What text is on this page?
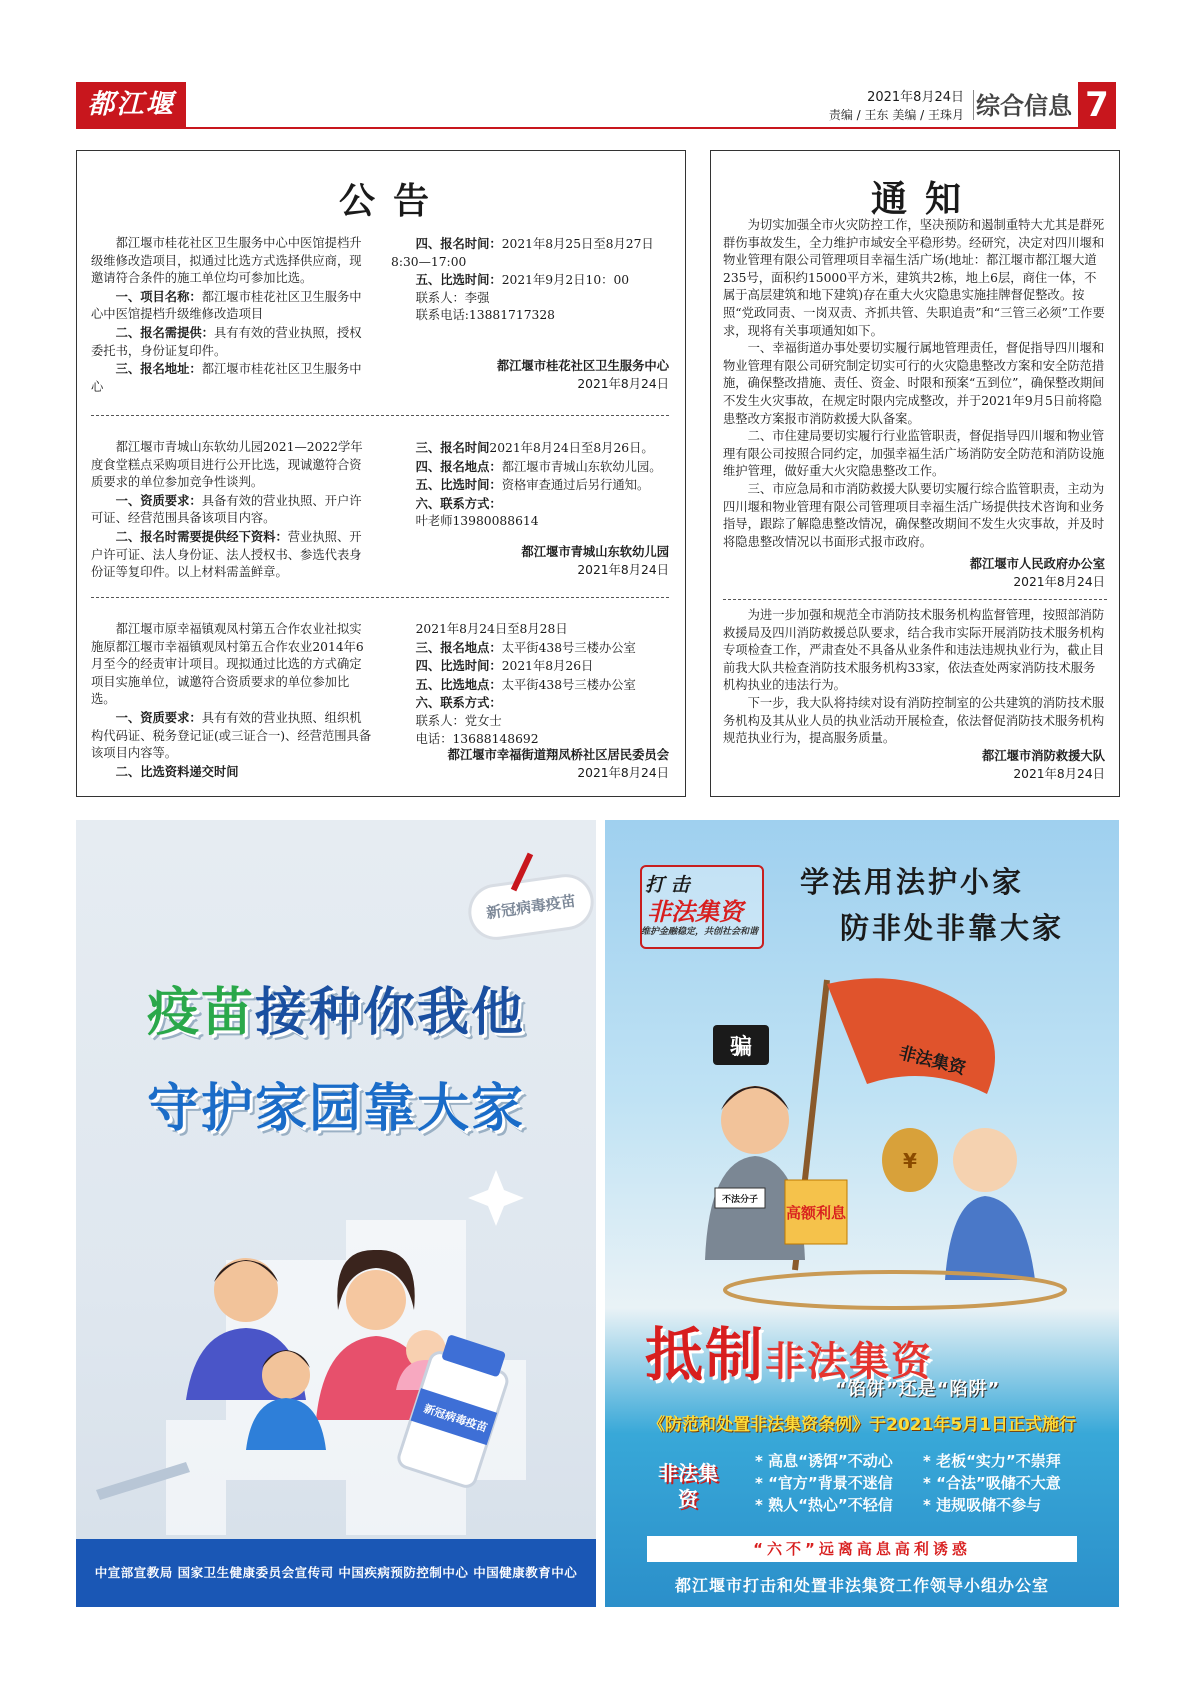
都江堰報
2021年8月24日
责编 / 王东 美编 / 王珠月 综合信息 7
公告
都江堰市桂花社区卫生服务中心中医馆提档升级维修改造项目，拟通过比选方式选择供应商，现邀请符合条件的施工单位均可参加比选。
一、项目名称：都江堰市桂花社区卫生服务中心中医馆提档升级维修改造项目
二、报名需提供：具有有效的营业执照，授权委托书，身份证复印件。
三、报名地址：都江堰市桂花社区卫生服务中心
四、报名时间：2021年8月25日至8月27日8:30—17:00
五、比选时间：2021年9月2日10：00
联系人：李强
联系电话:13881717328
都江堰市桂花社区卫生服务中心
2021年8月24日
都江堰市青城山东软幼儿园2021—2022学年度食堂糕点采购项目进行公开比选，现诚邀符合资质要求的单位参加竞争性谈判。
一、资质要求：具备有效的营业执照、开户许可证、经营范围具备该项目内容。
二、报名时需要提供经下资料：营业执照、开户许可证、法人身份证、法人授权书、参选代表身份证等复印件。以上材料需盖鲜章。
三、报名时间2021年8月24日至8月26日。
四、报名地点：都江堰市青城山东软幼儿园。
五、比选时间：资格审查通过后另行通知。
六、联系方式：
叶老师13980088614
都江堰市青城山东软幼儿园
2021年8月24日
都江堰市原幸福镇观凤村第五合作农业社拟实施原都江堰市幸福镇观凤村第五合作农业2014年6月至今的经责审计项目。现拟通过比选的方式确定项目实施单位，诚邀符合资质要求的单位参加比选。
一、资质要求：具有有效的营业执照、组织机构代码证、税务登记证(或三证合一)、经营范围具备该项目内容等。
二、比选资料递交时间
2021年8月24日至8月28日
三、报名地点：太平街438号三楼办公室
四、比选时间：2021年8月26日
五、比选地点：太平街438号三楼办公室
六、联系方式：
联系人：党女士
电话：13688148692
都江堰市幸福街道翔凤桥社区居民委员会
2021年8月24日
通知
为切实加强全市火灾防控工作，坚决预防和遏制重特大尤其是群死群伤事故发生，全力维护市域安全平稳形势。经研究，决定对四川堰和物业管理有限公司管理项目幸福生活广场(地址：都江堰市都江堰大道235号，面积约15000平方米，建筑共2栋，地上6层，商住一体，不属于高层建筑和地下建筑)存在重大火灾隐患实施挂牌督促整改。按照“党政同责、一岗双责、齐抓共管、失职追责”和“三管三必须”工作要求，现将有关事项通知如下。
一、幸福街道办事处要切实履行属地管理责任，督促指导四川堰和物业管理有限公司研究制定切实可行的火灾隐患整改方案和安全防范措施，确保整改措施、责任、资金、时限和预案“五到位”，确保整改期间不发生火灾事故，在规定时限内完成整改，并于2021年9月5日前将隐患整改方案报市消防救援大队备案。
二、市住建局要切实履行行业监管职责，督促指导四川堰和物业管理有限公司按照合同约定，加强幸福生活广场消防安全防范和消防设施维护管理，做好重大火灾隐患整改工作。
三、市应急局和市消防救援大队要切实履行综合监管职责，主动为四川堰和物业管理有限公司管理项目幸福生活广场提供技术咨询和业务指导，跟踪了解隐患整改情况，确保整改期间不发生火灾事故，并及时将隐患整改情况以书面形式报市政府。
都江堰市人民政府办公室
2021年8月24日
为进一步加强和规范全市消防技术服务机构监督管理，按照部消防救援局及四川消防救援总队要求，结合我市实际开展消防技术服务机构专项检查工作，严肃查处不具备从业条件和违法违规执业行为，截止目前我大队共检查消防技术服务机构33家，依法查处两家消防技术服务机构执业的违法行为。
下一步，我大队将持续对设有消防控制室的公共建筑的消防技术服务机构及其从业人员的执业活动开展检查，依法督促消防技术服务机构规范执业行为，提高服务质量。
都江堰市消防救援大队
2021年8月24日
新冠病毒疫苗
疫苗接种你我他
守护家园靠大家
新冠病毒疫苗
中宣部宣教局 国家卫生健康委员会宣传司 中国疾病预防控制中心 中国健康教育中心
打 击
非法集资
维护金融稳定，共创社会和谐
学法用法护小家
防非处非靠大家
非法集资
骗
不法分子
高额利息
¥
抵制非法集资
“馅饼”还是“陷阱”
《防范和处置非法集资条例》于2021年5月1日正式施行
非法集资
* 高息“诱饵”不动心 * 老板“实力”不崇拜
* “官方”背景不迷信 * “合法”吸储不大意
* 熟人“热心”不轻信 * 违规吸储不参与
“六不”远离高息高利诱惑
都江堰市打击和处置非法集资工作领导小组办公室
